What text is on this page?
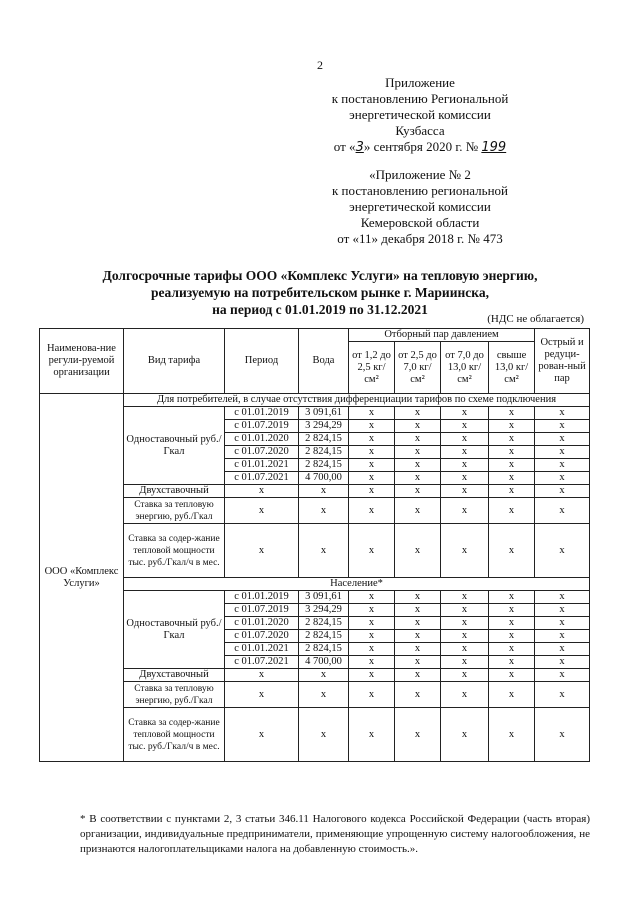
2
Приложение
к постановлению Региональной
энергетической комиссии
Кузбасса
от «3» сентября 2020 г. № 199
«Приложение № 2
к постановлению региональной
энергетической комиссии
Кемеровской области
от «11» декабря 2018 г. № 473
Долгосрочные тарифы ООО «Комплекс Услуги» на тепловую энергию,
реализуемую на потребительском рынке г. Мариинска,
на период с 01.01.2019 по 31.12.2021
(НДС не облагается)
Наименова-ние регули-руемой организации	Вид тарифа	Период	Вода	Отборный пар давлением				Острый и редуци-рован-ный пар
				от 1,2 до 2,5 кг/см²	от 2,5 до 7,0 кг/см²	от 7,0 до 13,0 кг/см²	свыше 13,0 кг/см²	
ООО «Комплекс Услуги»	Для потребителей, в случае отсутствия дифференциации тарифов по схеме подключения							
	Одноставочный руб./Гкал	с 01.01.2019	3 091,61	x	x	x	x	x
		с 01.07.2019	3 294,29	x	x	x	x	x
		с 01.01.2020	2 824,15	x	x	x	x	x
		с 01.07.2020	2 824,15	x	x	x	x	x
		с 01.01.2021	2 824,15	x	x	x	x	x
		с 01.07.2021	4 700,00	x	x	x	x	x
	Двухставочный	x	x	x	x	x	x	x
	Ставка за тепловую энергию, руб./Гкал	x	x	x	x	x	x	x
	Ставка за содер-жание тепловой мощности тыс. руб./Гкал/ч в мес.	x	x	x	x	x	x	x
	Население*							
	Одноставочный руб./Гкал	с 01.01.2019	3 091,61	x	x	x	x	x
		с 01.07.2019	3 294,29	x	x	x	x	x
		с 01.01.2020	2 824,15	x	x	x	x	x
		с 01.07.2020	2 824,15	x	x	x	x	x
		с 01.01.2021	2 824,15	x	x	x	x	x
		с 01.07.2021	4 700,00	x	x	x	x	x
	Двухставочный	x	x	x	x	x	x	x
	Ставка за тепловую энергию, руб./Гкал	x	x	x	x	x	x	x
	Ставка за содер-жание тепловой мощности тыс. руб./Гкал/ч в мес.	x	x	x	x	x	x	x
* В соответствии с пунктами 2, 3 статьи 346.11 Налогового кодекса Российской Федерации (часть вторая) организации, индивидуальные предприниматели, применяющие упрощенную систему налогообложения, не признаются налогоплательщиками налога на добавленную стоимость.».
